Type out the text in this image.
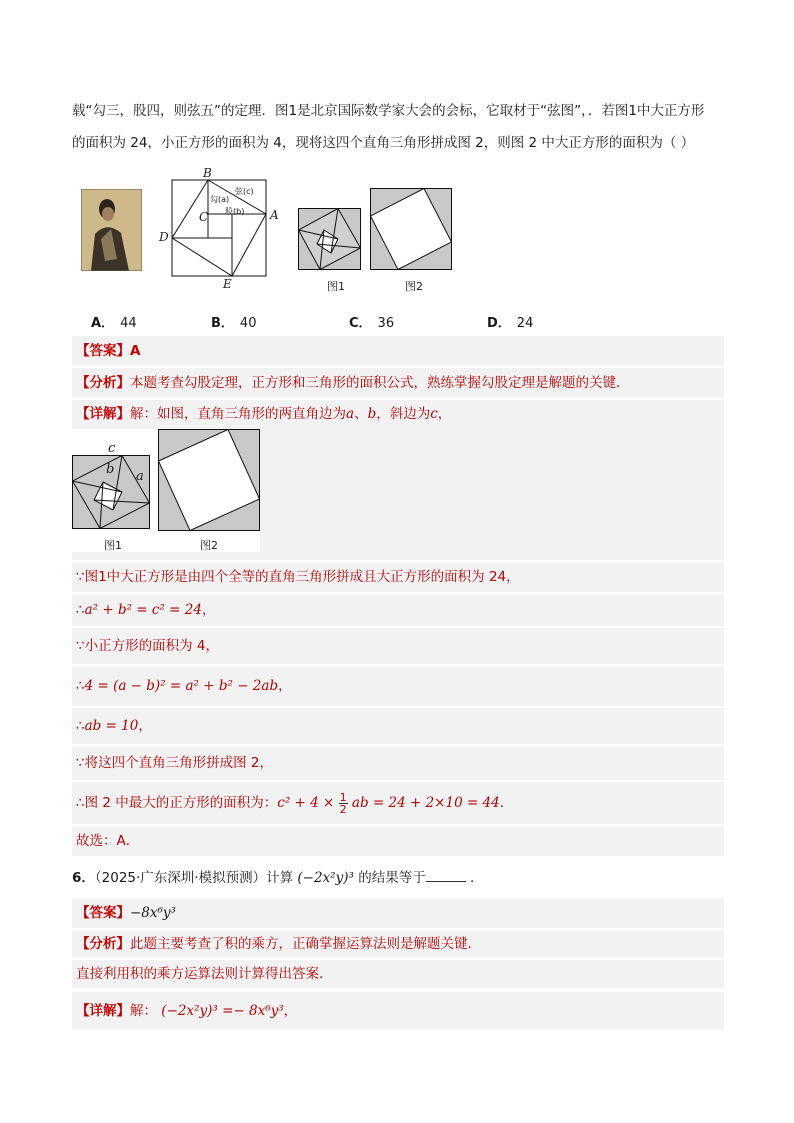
载“勾三，股四，则弦五”的定理．图1是北京国际数学家大会的会标，它取材于“弦图”，．若图1中大正方形
的面积为 24，小正方形的面积为 4，现将这四个直角三角形拼成图 2，则图 2 中大正方形的面积为（ ）
B
C	A
D
E
弦(c)
勾(a)
股(b)
图1	图2
A． 44	B． 40	C． 36	D． 24
【答案】A
【分析】本题考查勾股定理，正方形和三角形的面积公式，熟练掌握勾股定理是解题的关键．
【详解】解：如图，直角三角形的两直角边为a、b，斜边为c，
c
b a
图1	图2
∵图1中大正方形是由四个全等的直角三角形拼成且大正方形的面积为 24，
∴a² + b² = c² = 24，
∵小正方形的面积为 4，
∴4 = (a − b)² = a² + b² − 2ab，
∴ab = 10，
∵将这四个直角三角形拼成图 2，
∴图 2 中最大的正方形的面积为：$c^2 + 4 \times \frac{1}{2}$ ab = 24 + 2×10 = 44．
故选：A．
6．（2025·广东深圳·模拟预测）计算 (−2x²y)³ 的结果等于	．
【答案】−8x⁶y³
【分析】此题主要考查了积的乘方，正确掌握运算法则是解题关键．
直接利用积的乘方运算法则计算得出答案．
【详解】解： (−2x²y)³ =− 8x⁶y³，
